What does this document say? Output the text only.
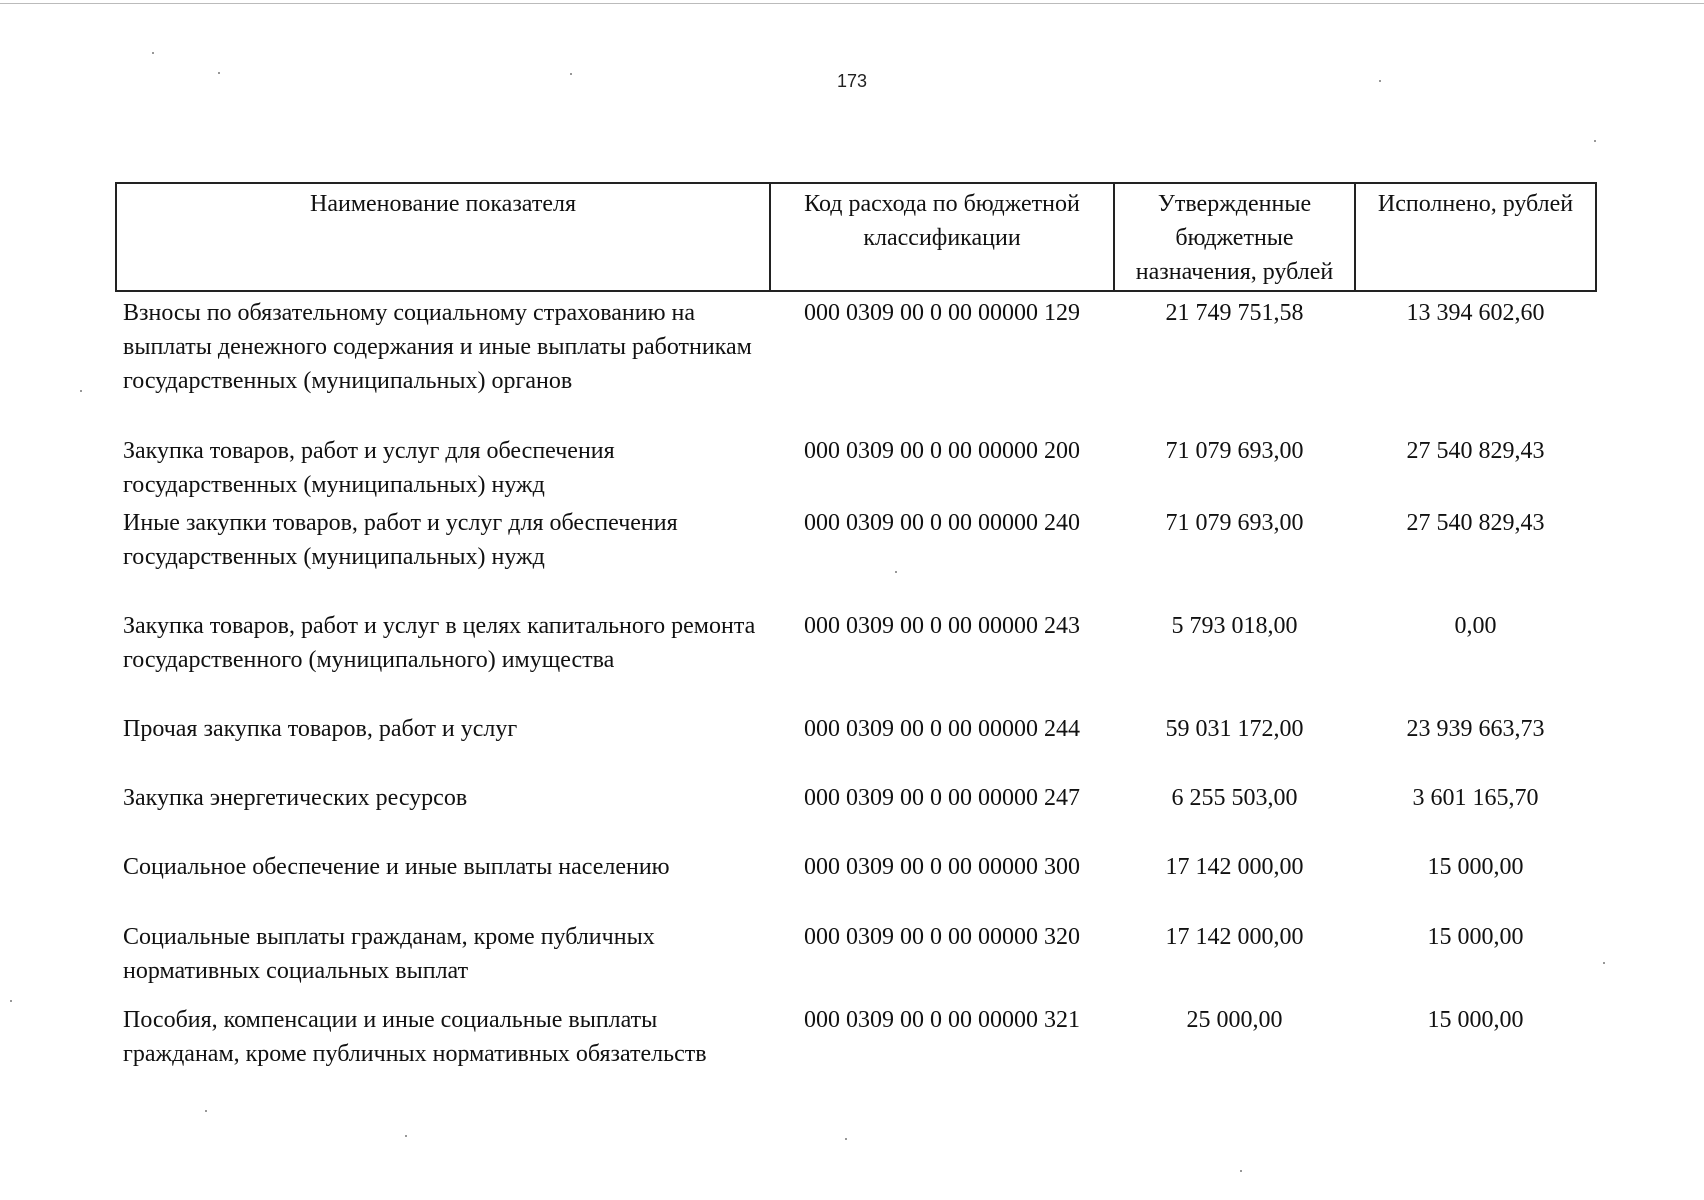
173
Наименование показателя	Код расхода по бюджетной классификации	Утвержденные бюджетные назначения, рублей	Исполнено, рублей
Взносы по обязательному социальному страхованию на выплаты денежного содержания и иные выплаты работникам государственных (муниципальных) органов	000 0309 00 0 00 00000 129	21 749 751,58	13 394 602,60
Закупка товаров, работ и услуг для обеспечения государственных (муниципальных) нужд	000 0309 00 0 00 00000 200	71 079 693,00	27 540 829,43
Иные закупки товаров, работ и услуг для обеспечения государственных (муниципальных) нужд	000 0309 00 0 00 00000 240	71 079 693,00	27 540 829,43
Закупка товаров, работ и услуг в целях капитального ремонта государственного (муниципального) имущества	000 0309 00 0 00 00000 243	5 793 018,00	0,00
Прочая закупка товаров, работ и услуг	000 0309 00 0 00 00000 244	59 031 172,00	23 939 663,73
Закупка энергетических ресурсов	000 0309 00 0 00 00000 247	6 255 503,00	3 601 165,70
Социальное обеспечение и иные выплаты населению	000 0309 00 0 00 00000 300	17 142 000,00	15 000,00
Социальные выплаты гражданам, кроме публичных нормативных социальных выплат	000 0309 00 0 00 00000 320	17 142 000,00	15 000,00
Пособия, компенсации и иные социальные выплаты гражданам, кроме публичных нормативных обязательств	000 0309 00 0 00 00000 321	25 000,00	15 000,00
